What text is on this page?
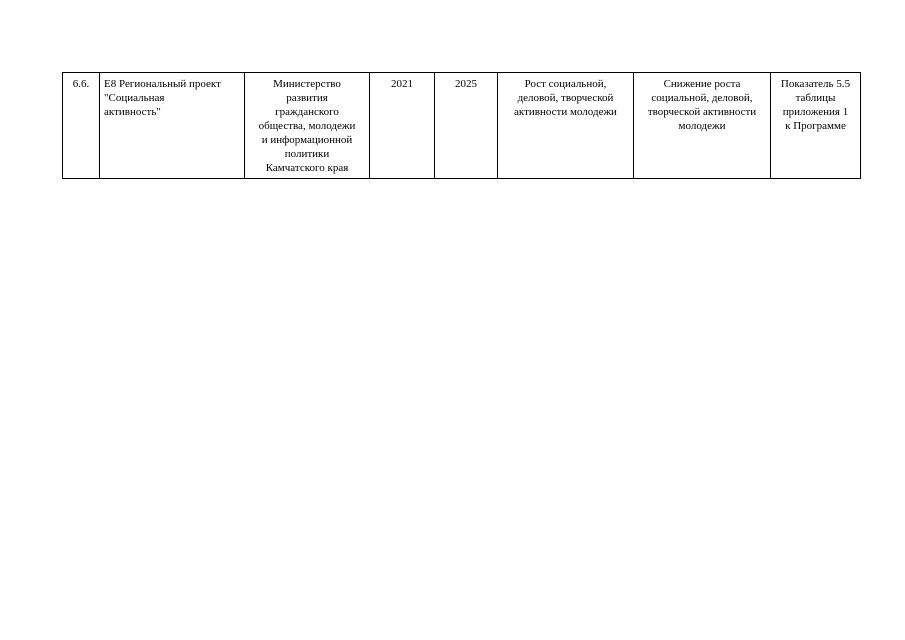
6.6.	Е8 Региональный проект "Социальная
активность"	Министерство
развития
гражданского
общества, молодежи
и информационной
политики
Камчатского края	2021	2025	Рост социальной,
деловой, творческой
активности молодежи	Снижение роста
социальной, деловой,
творческой активности
молодежи	Показатель 5.5
таблицы
приложения 1
к Программе
